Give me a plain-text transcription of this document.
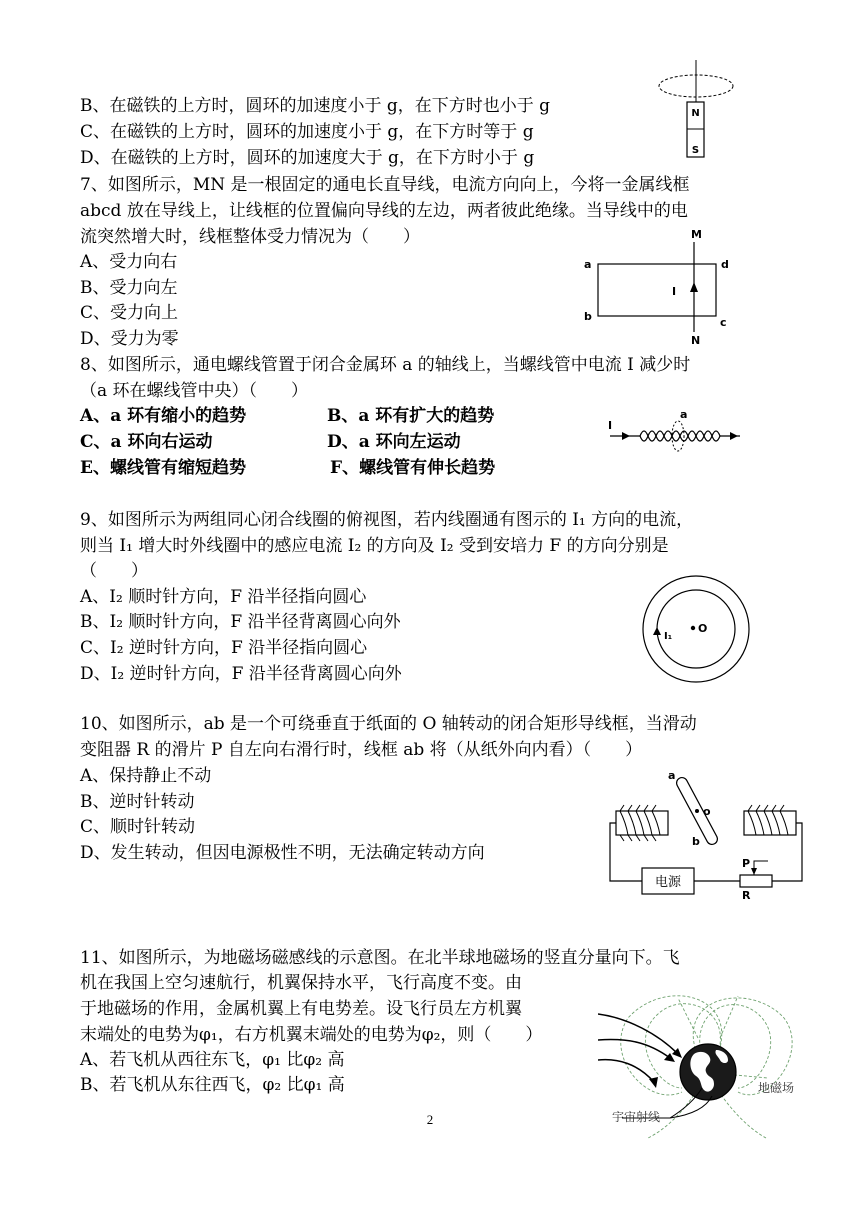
B、在磁铁的上方时，圆环的加速度小于 g，在下方时也小于 g
C、在磁铁的上方时，圆环的加速度小于 g，在下方时等于 g
D、在磁铁的上方时，圆环的加速度大于 g，在下方时小于 g
N
S
7、如图所示，MN 是一根固定的通电长直导线，电流方向向上，今将一金属线框
abcd 放在导线上，让线框的位置偏向导线的左边，两者彼此绝缘。当导线中的电
流突然增大时，线框整体受力情况为（　　）
A、受力向右
B、受力向左
C、受力向上
D、受力为零
M
N
a
b	c
d
I
8、如图所示，通电螺线管置于闭合金属环 a 的轴线上，当螺线管中电流 I 减少时
（a 环在螺线管中央）（　　）
A、a 环有缩小的趋势	B、a 环有扩大的趋势
C、a 环向右运动	D、a 环向左运动
E、螺线管有缩短趋势	F、螺线管有伸长趋势
I
a
9、如图所示为两组同心闭合线圈的俯视图，若内线圈通有图示的 I₁ 方向的电流，
则当 I₁ 增大时外线圈中的感应电流 I₂ 的方向及 I₂ 受到安培力 F 的方向分别是
（　　）
A、I₂ 顺时针方向，F 沿半径指向圆心
B、I₂ 顺时针方向，F 沿半径背离圆心向外
C、I₂ 逆时针方向，F 沿半径指向圆心
D、I₂ 逆时针方向，F 沿半径背离圆心向外
O
I₁
10、如图所示，ab 是一个可绕垂直于纸面的 O 轴转动的闭合矩形导线框，当滑动
变阻器 R 的滑片 P 自左向右滑行时，线框 ab 将（从纸外向内看）（　　）
A、保持静止不动
B、逆时针转动
C、顺时针转动
D、发生转动，但因电源极性不明，无法确定转动方向
a
b
o
电源
P
R
11、如图所示，为地磁场磁感线的示意图。在北半球地磁场的竖直分量向下。飞
机在我国上空匀速航行，机翼保持水平，飞行高度不变。由
于地磁场的作用，金属机翼上有电势差。设飞行员左方机翼
末端处的电势为φ₁，右方机翼末端处的电势为φ₂，则（　　）
A、若飞机从西往东飞，φ₁ 比φ₂ 高
B、若飞机从东往西飞，φ₂ 比φ₁ 高	地磁场
宇宙射线
2
